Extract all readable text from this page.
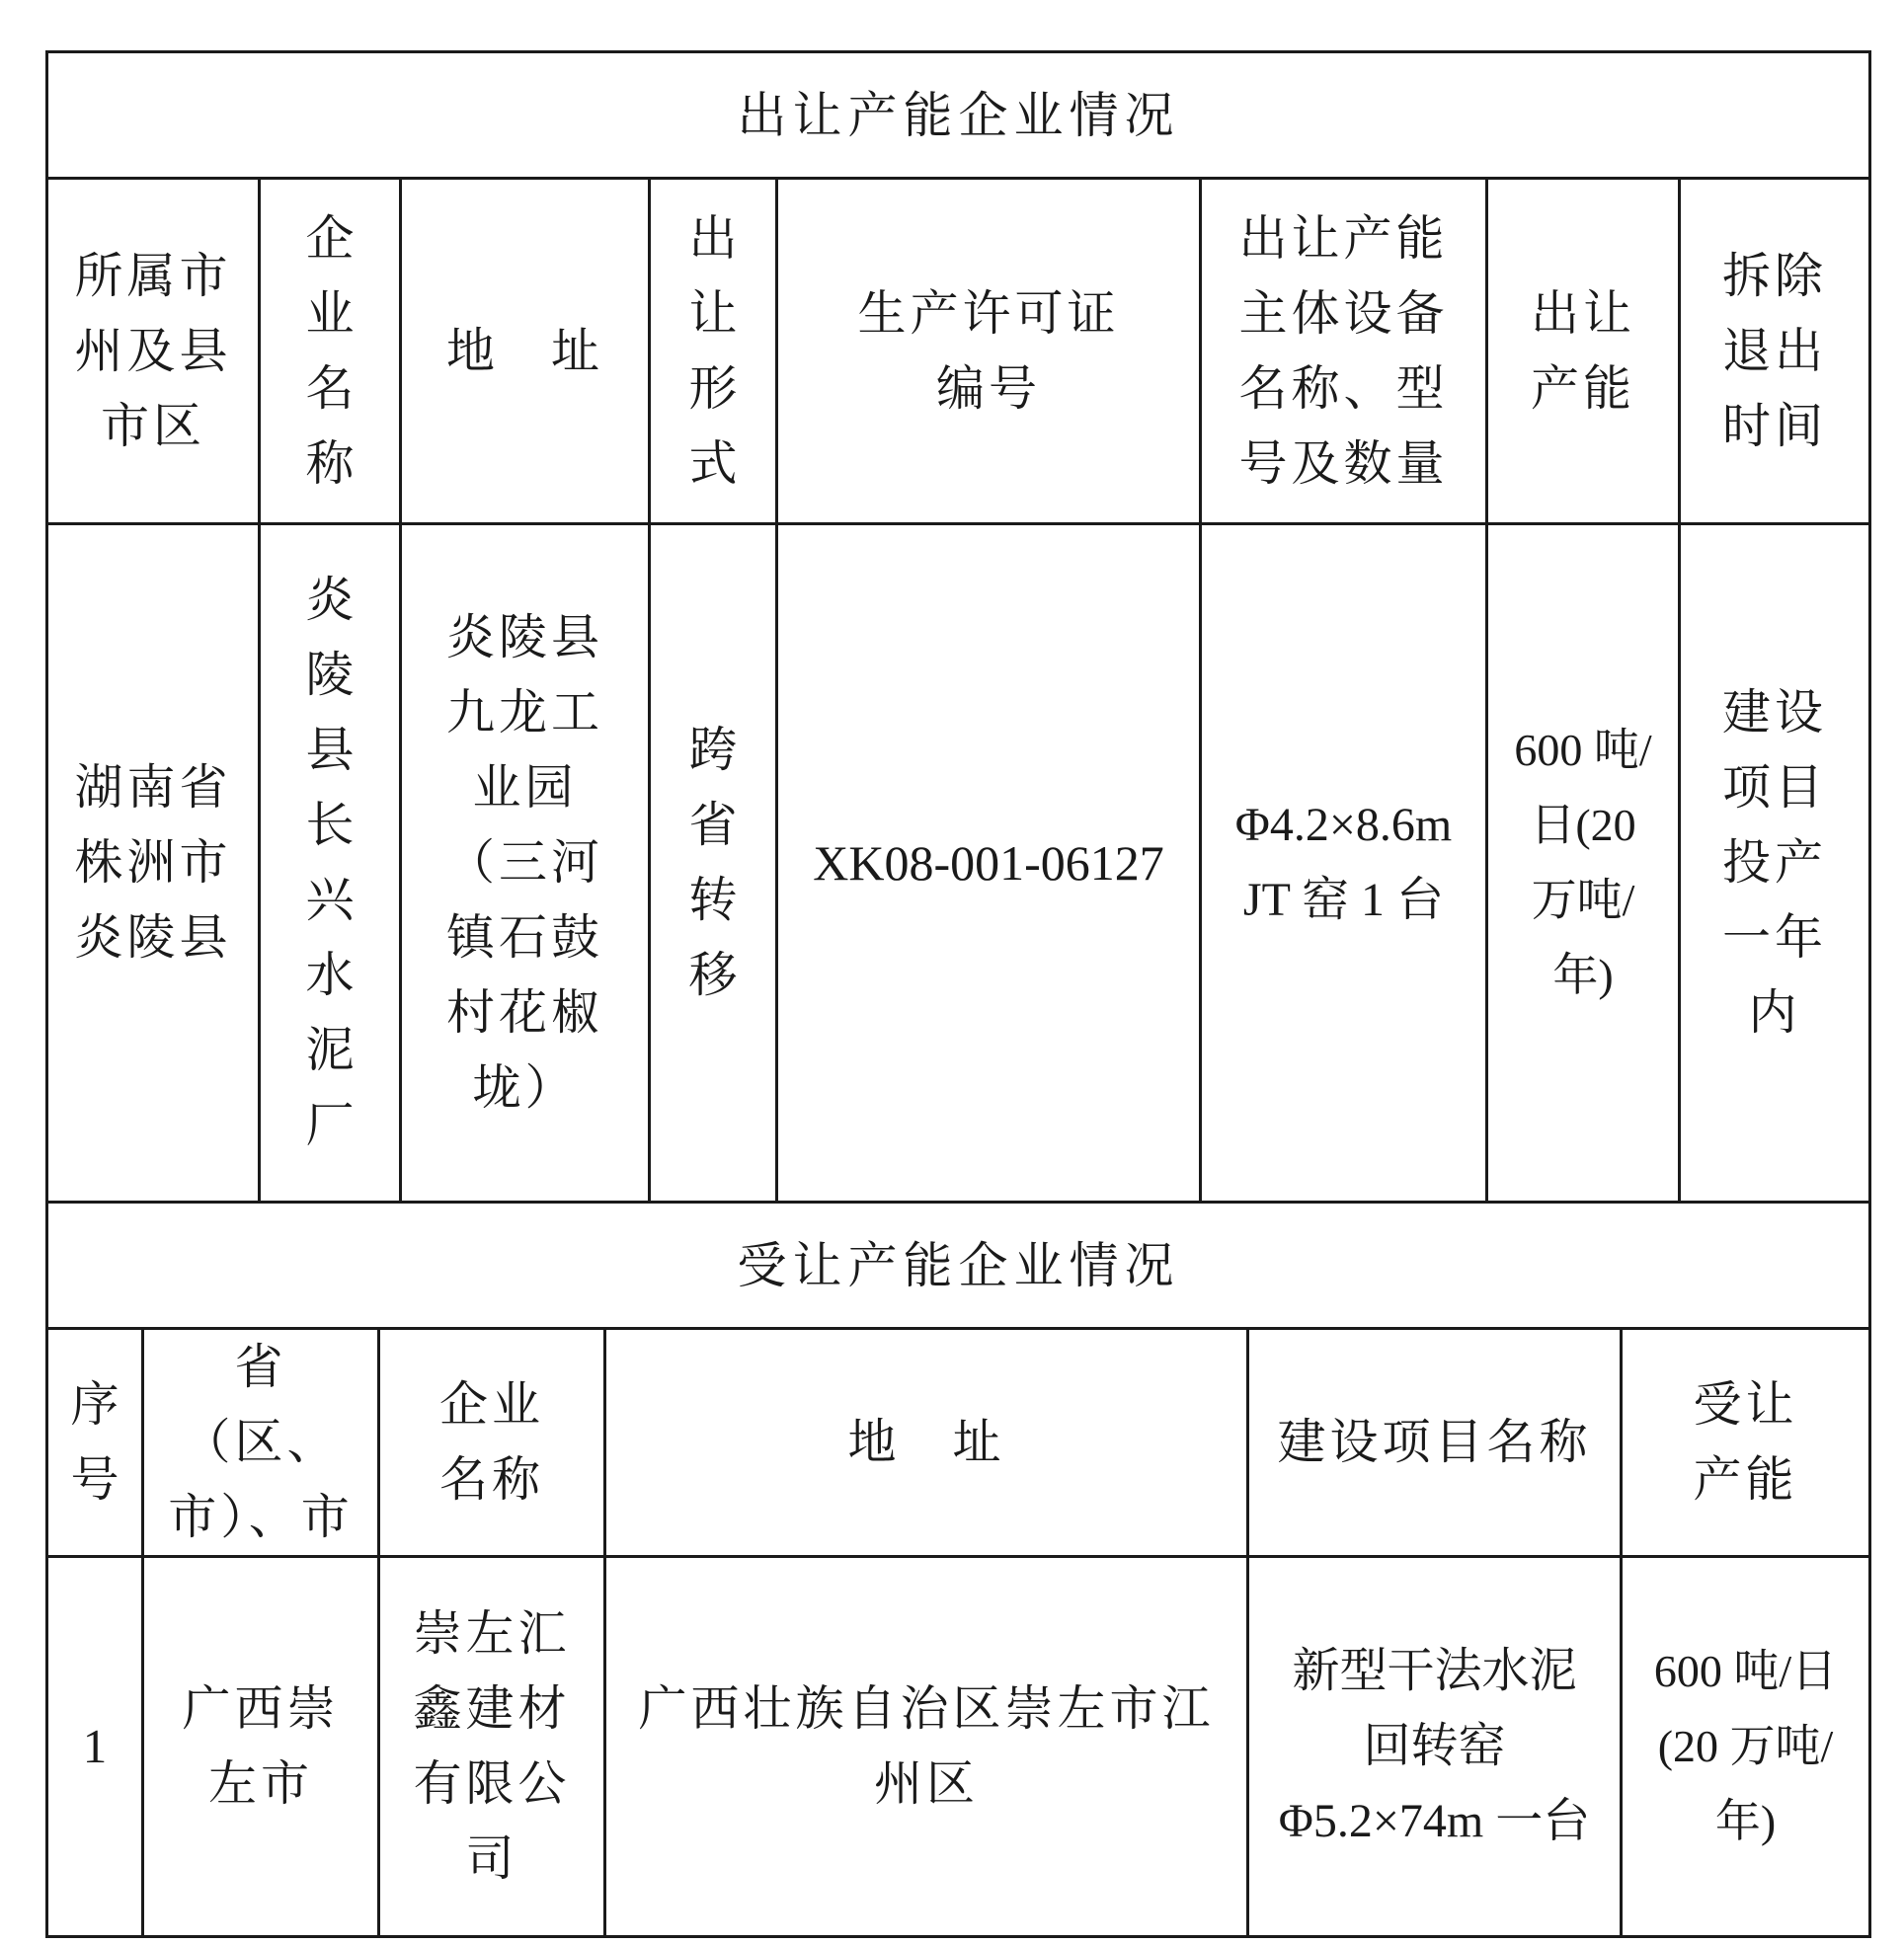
出让产能企业情况							

所属市州及县市区	企业名称	地　址	出让形式	生产许可证编号	出让产能主体设备名称、型号及数量	出让产能	拆除退出时间

湖南省株洲市炎陵县	炎陵县长兴水泥厂	炎陵县九龙工业园（三河镇石鼓村花椒垅）	跨省转移	XK08-001-06127	Φ4.2×8.6m JT 窑 1 台	600 吨/日(20 万吨/年)	建设项目投产一年内
受让产能企业情况					

序号	省（区、市）、市	企业名称	地　址	建设项目名称	受让产能

1	广西崇左市	崇左汇鑫建材有限公司	广西壮族自治区崇左市江州区	新型干法水泥回转窑 Φ5.2×74m 一台	600 吨/日(20 万吨/年)
